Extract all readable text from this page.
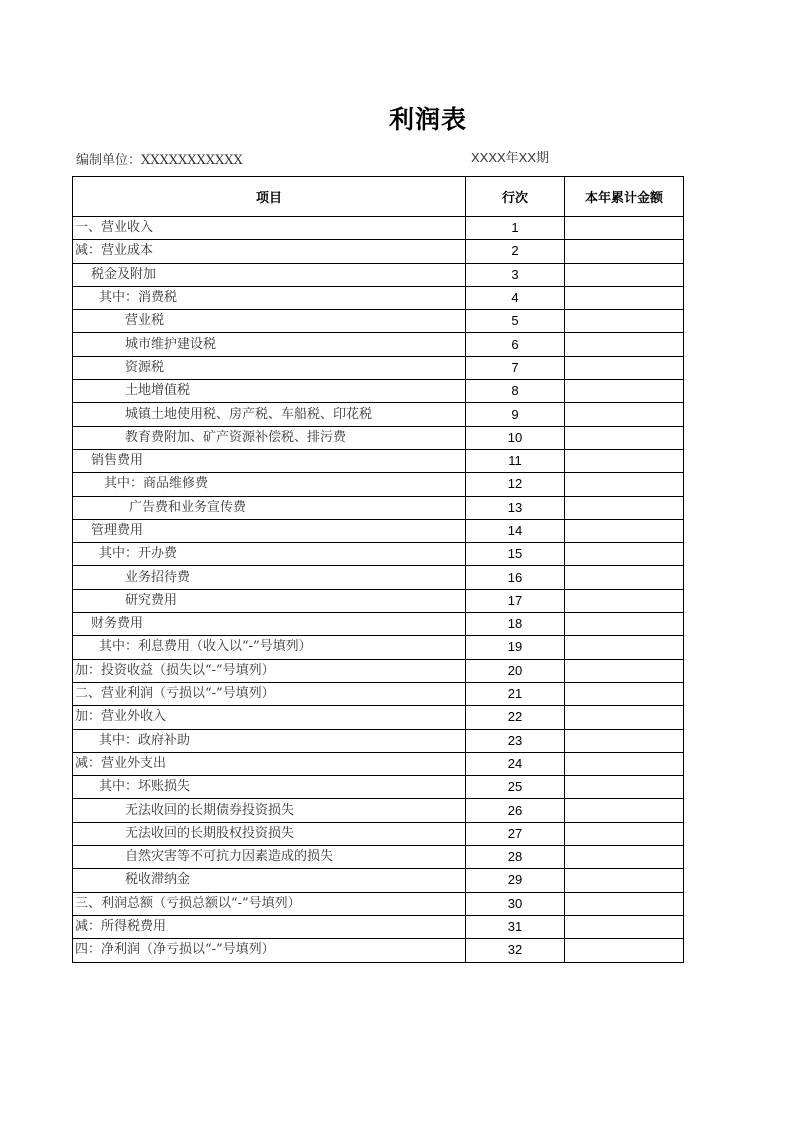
利润表
编制单位：XXXXXXXXXXX	XXXX年XX期
项目	行次	本年累计金额
一、营业收入	1	
减：营业成本	2	
税金及附加	3	
其中：消费税	4	
营业税	5	
城市维护建设税	6	
资源税	7	
土地增值税	8	
城镇土地使用税、房产税、车船税、印花税	9	
教育费附加、矿产资源补偿税、排污费	10	
销售费用	11	
其中：商品维修费	12	
广告费和业务宣传费	13	
管理费用	14	
其中：开办费	15	
业务招待费	16	
研究费用	17	
财务费用	18	
其中：利息费用（收入以“-”号填列）	19	
加：投资收益（损失以“-”号填列）	20	
二、营业利润（亏损以“-”号填列）	21	
加：营业外收入	22	
其中：政府补助	23	
减：营业外支出	24	
其中：坏账损失	25	
无法收回的长期债券投资损失	26	
无法收回的长期股权投资损失	27	
自然灾害等不可抗力因素造成的损失	28	
税收滞纳金	29	
三、利润总额（亏损总额以“-”号填列）	30	
减：所得税费用	31	
四：净利润（净亏损以“-”号填列）	32	
